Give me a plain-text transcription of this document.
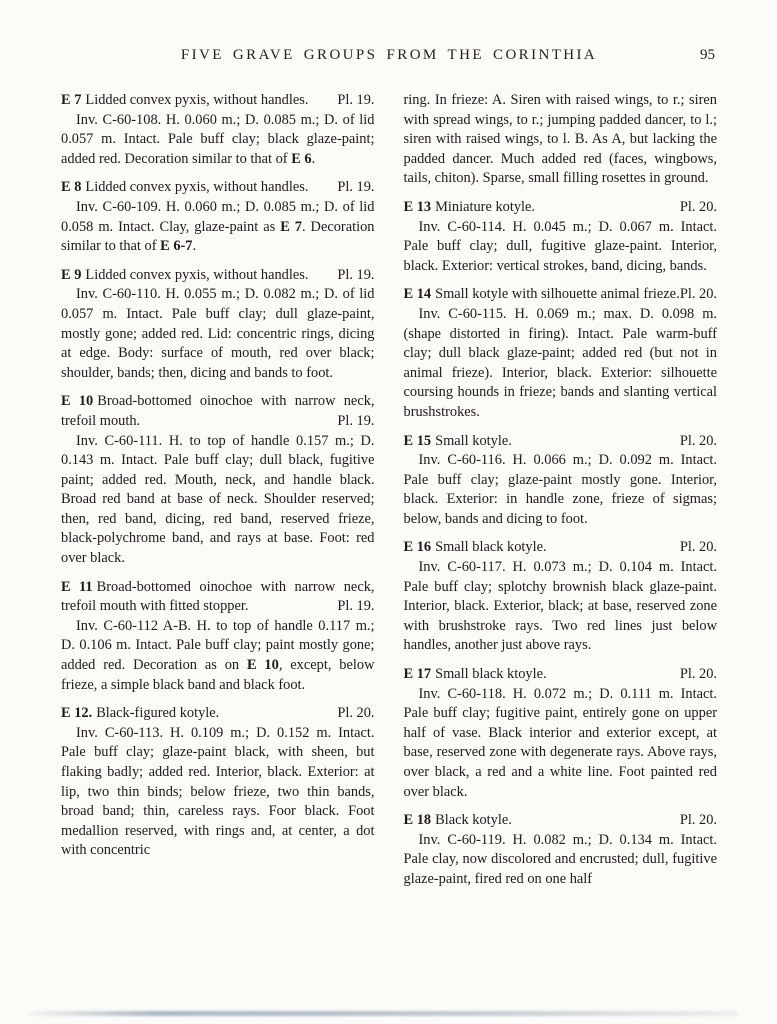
FIVE GRAVE GROUPS FROM THE CORINTHIA	95

E 7 Lidded convex pyxis, without handles. Pl. 19.

Inv. C-60-108. H. 0.060 m.; D. 0.085 m.; D. of lid 0.057 m. Intact. Pale buff clay; black glaze-paint; added red. Decoration similar to that of E 6.

E 8 Lidded convex pyxis, without handles. Pl. 19.

Inv. C-60-109. H. 0.060 m.; D. 0.085 m.; D. of lid 0.058 m. Intact. Clay, glaze-paint as E 7. Decoration similar to that of E 6-7.

E 9 Lidded convex pyxis, without handles. Pl. 19.

Inv. C-60-110. H. 0.055 m.; D. 0.082 m.; D. of lid 0.057 m. Intact. Pale buff clay; dull glaze-paint, mostly gone; added red. Lid: concentric rings, dicing at edge. Body: surface of mouth, red over black; shoulder, bands; then, dicing and bands to foot.

E 10 Broad-bottomed oinochoe with narrow neck, trefoil mouth.	Pl. 19.

Inv. C-60-111. H. to top of handle 0.157 m.; D. 0.143 m. Intact. Pale buff clay; dull black, fugitive paint; added red. Mouth, neck, and handle black. Broad red band at base of neck. Shoulder reserved; then, red band, dicing, red band, reserved frieze, black-polychrome band, and rays at base. Foot: red over black.

E 11 Broad-bottomed oinochoe with narrow neck, trefoil mouth with fitted stopper.	Pl. 19.

Inv. C-60-112 A-B. H. to top of handle 0.117 m.; D. 0.106 m. Intact. Pale buff clay; paint mostly gone; added red. Decoration as on E 10, except, below frieze, a simple black band and black foot.

E 12. Black-figured kotyle.	Pl. 20.

Inv. C-60-113. H. 0.109 m.; D. 0.152 m. Intact. Pale buff clay; glaze-paint black, with sheen, but flaking badly; added red. Interior, black. Exterior: at lip, two thin binds; below frieze, two thin bands, broad band; thin, careless rays. Foor black. Foot medallion reserved, with rings and, at center, a dot with concentric

ring. In frieze: A. Siren with raised wings, to r.; siren with spread wings, to r.; jumping padded dancer, to l.; siren with raised wings, to l. B. As A, but lacking the padded dancer. Much added red (faces, wingbows, tails, chiton). Sparse, small filling rosettes in ground.

E 13 Miniature kotyle.	Pl. 20.

Inv. C-60-114. H. 0.045 m.; D. 0.067 m. Intact. Pale buff clay; dull, fugitive glaze-paint. Interior, black. Exterior: vertical strokes, band, dicing, bands.

E 14 Small kotyle with silhouette animal frieze. Pl. 20.

Inv. C-60-115. H. 0.069 m.; max. D. 0.098 m. (shape distorted in firing). Intact. Pale warm-buff clay; dull black glaze-paint; added red (but not in animal frieze). Interior, black. Exterior: silhouette coursing hounds in frieze; bands and slanting vertical brushstrokes.

E 15 Small kotyle.	Pl. 20.

Inv. C-60-116. H. 0.066 m.; D. 0.092 m. Intact. Pale buff clay; glaze-paint mostly gone. Interior, black. Exterior: in handle zone, frieze of sigmas; below, bands and dicing to foot.

E 16 Small black kotyle.	Pl. 20.

Inv. C-60-117. H. 0.073 m.; D. 0.104 m. Intact. Pale buff clay; splotchy brownish black glaze-paint. Interior, black. Exterior, black; at base, reserved zone with brushstroke rays. Two red lines just below handles, another just above rays.

E 17 Small black ktoyle.	Pl. 20.

Inv. C-60-118. H. 0.072 m.; D. 0.111 m. Intact. Pale buff clay; fugitive paint, entirely gone on upper half of vase. Black interior and exterior except, at base, reserved zone with degenerate rays. Above rays, over black, a red and a white line. Foot painted red over black.

E 18 Black kotyle.	Pl. 20.

Inv. C-60-119. H. 0.082 m.; D. 0.134 m. Intact. Pale clay, now discolored and encrusted; dull, fugitive glaze-paint, fired red on one half
